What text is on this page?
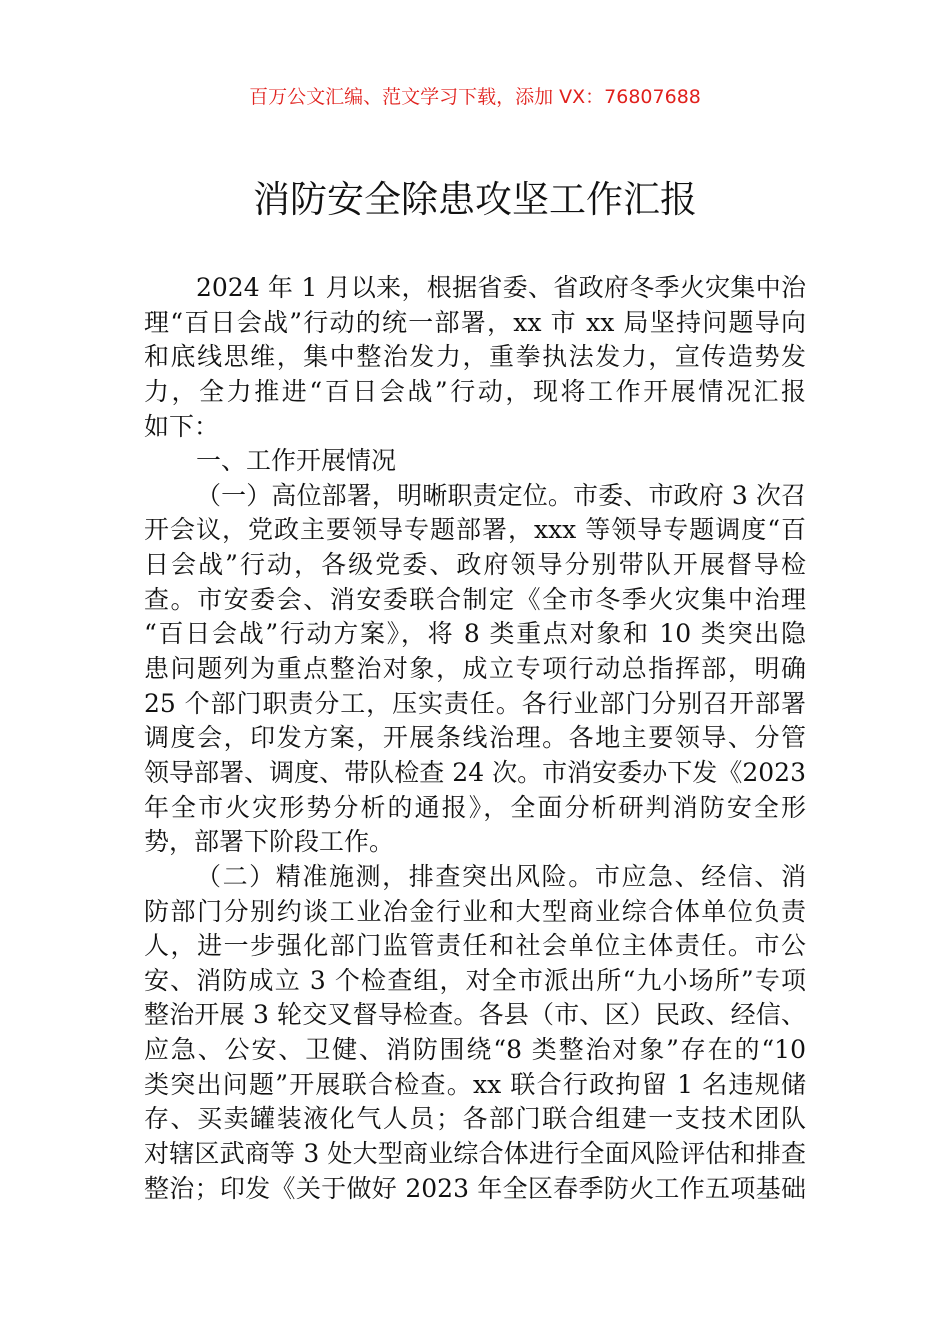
百万公文汇编、范文学习下载，添加 VX：76807688
消防安全除患攻坚工作汇报
2024 年 1 月以来，根据省委、省政府冬季火灾集中治
理“百日会战”行动的统一部署，xx 市 xx 局坚持问题导向
和底线思维，集中整治发力，重拳执法发力，宣传造势发
力，全力推进“百日会战”行动，现将工作开展情况汇报
如下：
一、工作开展情况
（一）高位部署，明晰职责定位。市委、市政府 3 次召
开会议，党政主要领导专题部署，xxx 等领导专题调度“百
日会战”行动，各级党委、政府领导分别带队开展督导检
查。市安委会、消安委联合制定《全市冬季火灾集中治理
“百日会战”行动方案》，将 8 类重点对象和 10 类突出隐
患问题列为重点整治对象，成立专项行动总指挥部，明确
25 个部门职责分工，压实责任。各行业部门分别召开部署
调度会，印发方案，开展条线治理。各地主要领导、分管
领导部署、调度、带队检查 24 次。市消安委办下发《2023
年全市火灾形势分析的通报》，全面分析研判消防安全形
势，部署下阶段工作。
（二）精准施测，排查突出风险。市应急、经信、消
防部门分别约谈工业冶金行业和大型商业综合体单位负责
人，进一步强化部门监管责任和社会单位主体责任。市公
安、消防成立 3 个检查组，对全市派出所“九小场所”专项
整治开展 3 轮交叉督导检查。各县（市、区）民政、经信、
应急、公安、卫健、消防围绕“8 类整治对象”存在的“10
类突出问题”开展联合检查。xx 联合行政拘留 1 名违规储
存、买卖罐装液化气人员；各部门联合组建一支技术团队
对辖区武商等 3 处大型商业综合体进行全面风险评估和排查
整治；印发《关于做好 2023 年全区春季防火工作五项基础
